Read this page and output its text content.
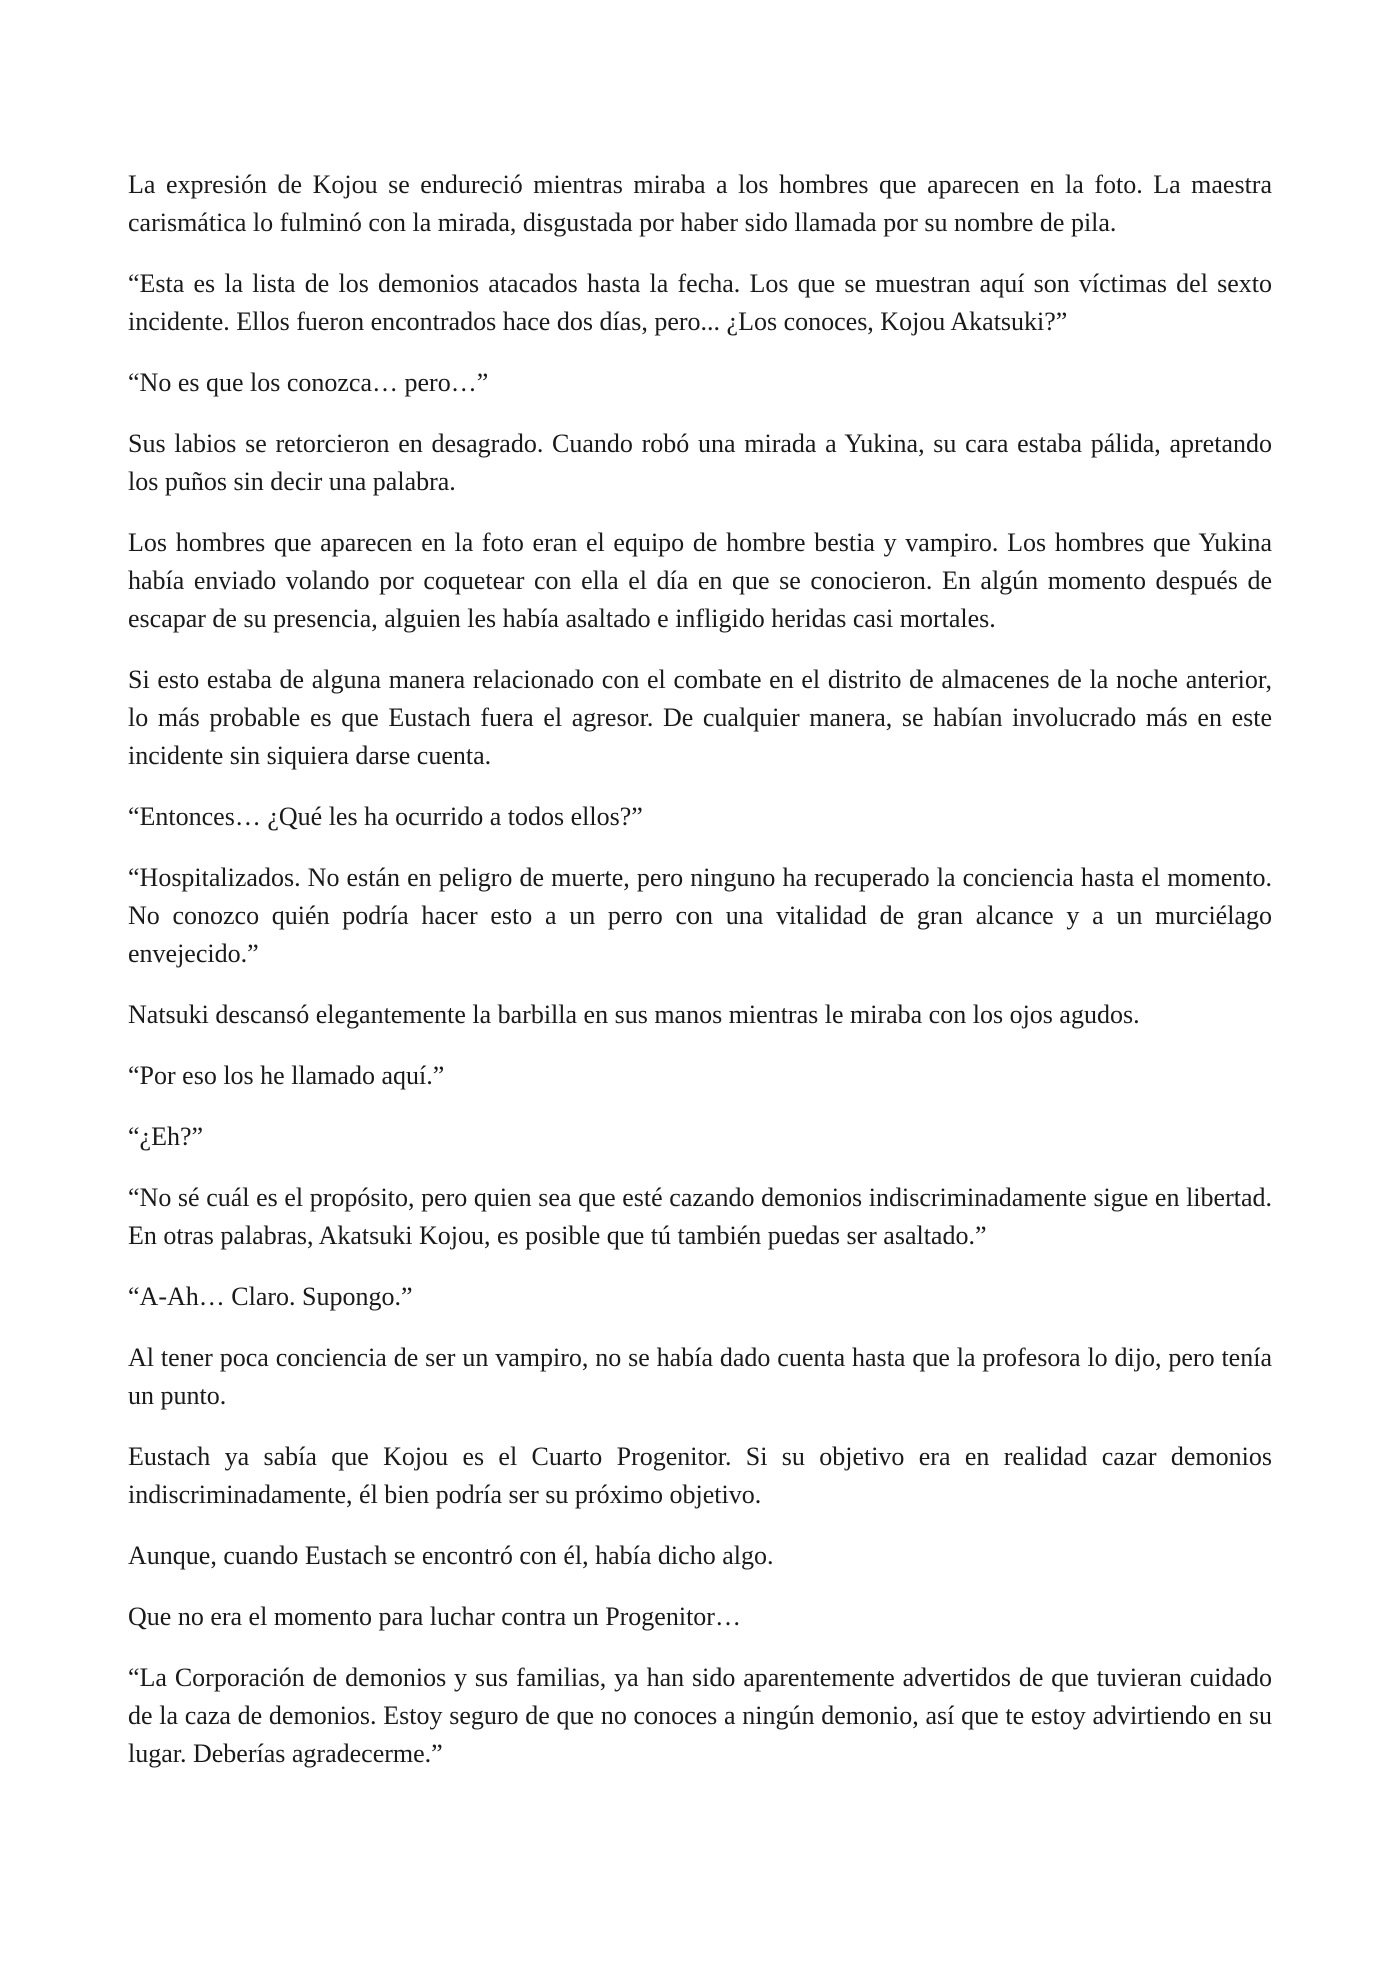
La expresión de Kojou se endureció mientras miraba a los hombres que aparecen en la foto. La maestra carismática lo fulminó con la mirada, disgustada por haber sido llamada por su nombre de pila.

“Esta es la lista de los demonios atacados hasta la fecha. Los que se muestran aquí son víctimas del sexto incidente. Ellos fueron encontrados hace dos días, pero... ¿Los conoces, Kojou Akatsuki?”

“No es que los conozca… pero…”

Sus labios se retorcieron en desagrado. Cuando robó una mirada a Yukina, su cara estaba pálida, apretando los puños sin decir una palabra.

Los hombres que aparecen en la foto eran el equipo de hombre bestia y vampiro. Los hombres que Yukina había enviado volando por coquetear con ella el día en que se conocieron. En algún momento después de escapar de su presencia, alguien les había asaltado e infligido heridas casi mortales.

Si esto estaba de alguna manera relacionado con el combate en el distrito de almacenes de la noche anterior, lo más probable es que Eustach fuera el agresor. De cualquier manera, se habían involucrado más en este incidente sin siquiera darse cuenta.

“Entonces… ¿Qué les ha ocurrido a todos ellos?”

“Hospitalizados. No están en peligro de muerte, pero ninguno ha recuperado la conciencia hasta el momento. No conozco quién podría hacer esto a un perro con una vitalidad de gran alcance y a un murciélago envejecido.”

Natsuki descansó elegantemente la barbilla en sus manos mientras le miraba con los ojos agudos.

“Por eso los he llamado aquí.”

“¿Eh?”

“No sé cuál es el propósito, pero quien sea que esté cazando demonios indiscriminadamente sigue en libertad. En otras palabras, Akatsuki Kojou, es posible que tú también puedas ser asaltado.”

“A-Ah… Claro. Supongo.”

Al tener poca conciencia de ser un vampiro, no se había dado cuenta hasta que la profesora lo dijo, pero tenía un punto.

Eustach ya sabía que Kojou es el Cuarto Progenitor. Si su objetivo era en realidad cazar demonios indiscriminadamente, él bien podría ser su próximo objetivo.

Aunque, cuando Eustach se encontró con él, había dicho algo.

Que no era el momento para luchar contra un Progenitor…

“La Corporación de demonios y sus familias, ya han sido aparentemente advertidos de que tuvieran cuidado de la caza de demonios. Estoy seguro de que no conoces a ningún demonio, así que te estoy advirtiendo en su lugar. Deberías agradecerme.”
